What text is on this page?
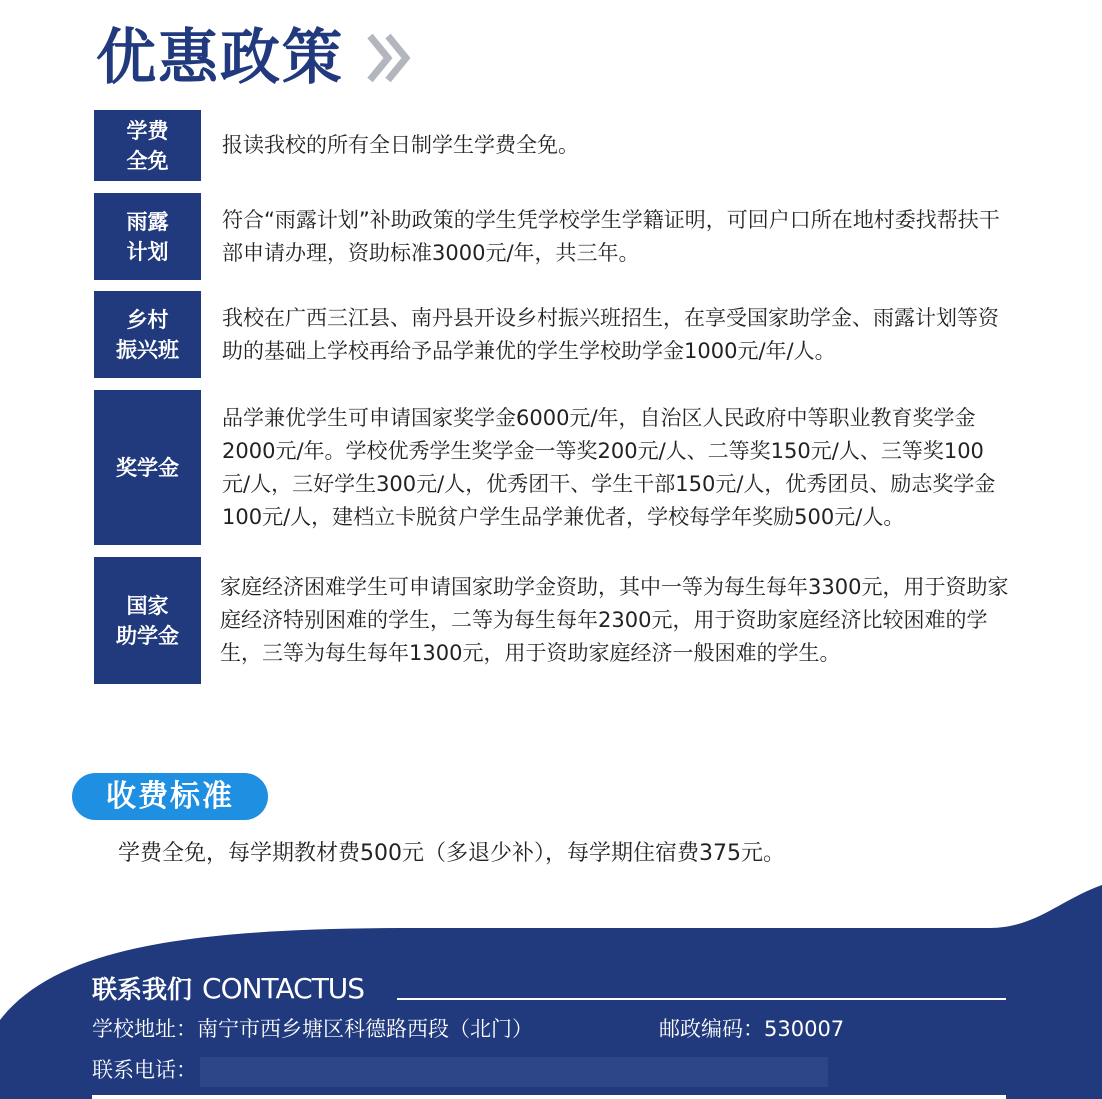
优惠政策
学费
全免
报读我校的所有全日制学生学费全免。
雨露
计划
符合“雨露计划”补助政策的学生凭学校学生学籍证明，可回户口所在地村委找帮扶干部申请办理，资助标准3000元/年，共三年。
乡村
振兴班
我校在广西三江县、南丹县开设乡村振兴班招生，在享受国家助学金、雨露计划等资助的基础上学校再给予品学兼优的学生学校助学金1000元/年/人。
奖学金
品学兼优学生可申请国家奖学金6000元/年，自治区人民政府中等职业教育奖学金2000元/年。学校优秀学生奖学金一等奖200元/人、二等奖150元/人、三等奖100元/人，三好学生300元/人，优秀团干、学生干部150元/人，优秀团员、励志奖学金100元/人，建档立卡脱贫户学生品学兼优者，学校每学年奖励500元/人。
国家
助学金
家庭经济困难学生可申请国家助学金资助，其中一等为每生每年3300元，用于资助家庭经济特别困难的学生，二等为每生每年2300元，用于资助家庭经济比较困难的学生，三等为每生每年1300元，用于资助家庭经济一般困难的学生。
收费标准
学费全免，每学期教材费500元（多退少补），每学期住宿费375元。
联系我们 CONTACTUS
学校地址：南宁市西乡塘区科德路西段（北门）	邮政编码：530007
联系电话：
